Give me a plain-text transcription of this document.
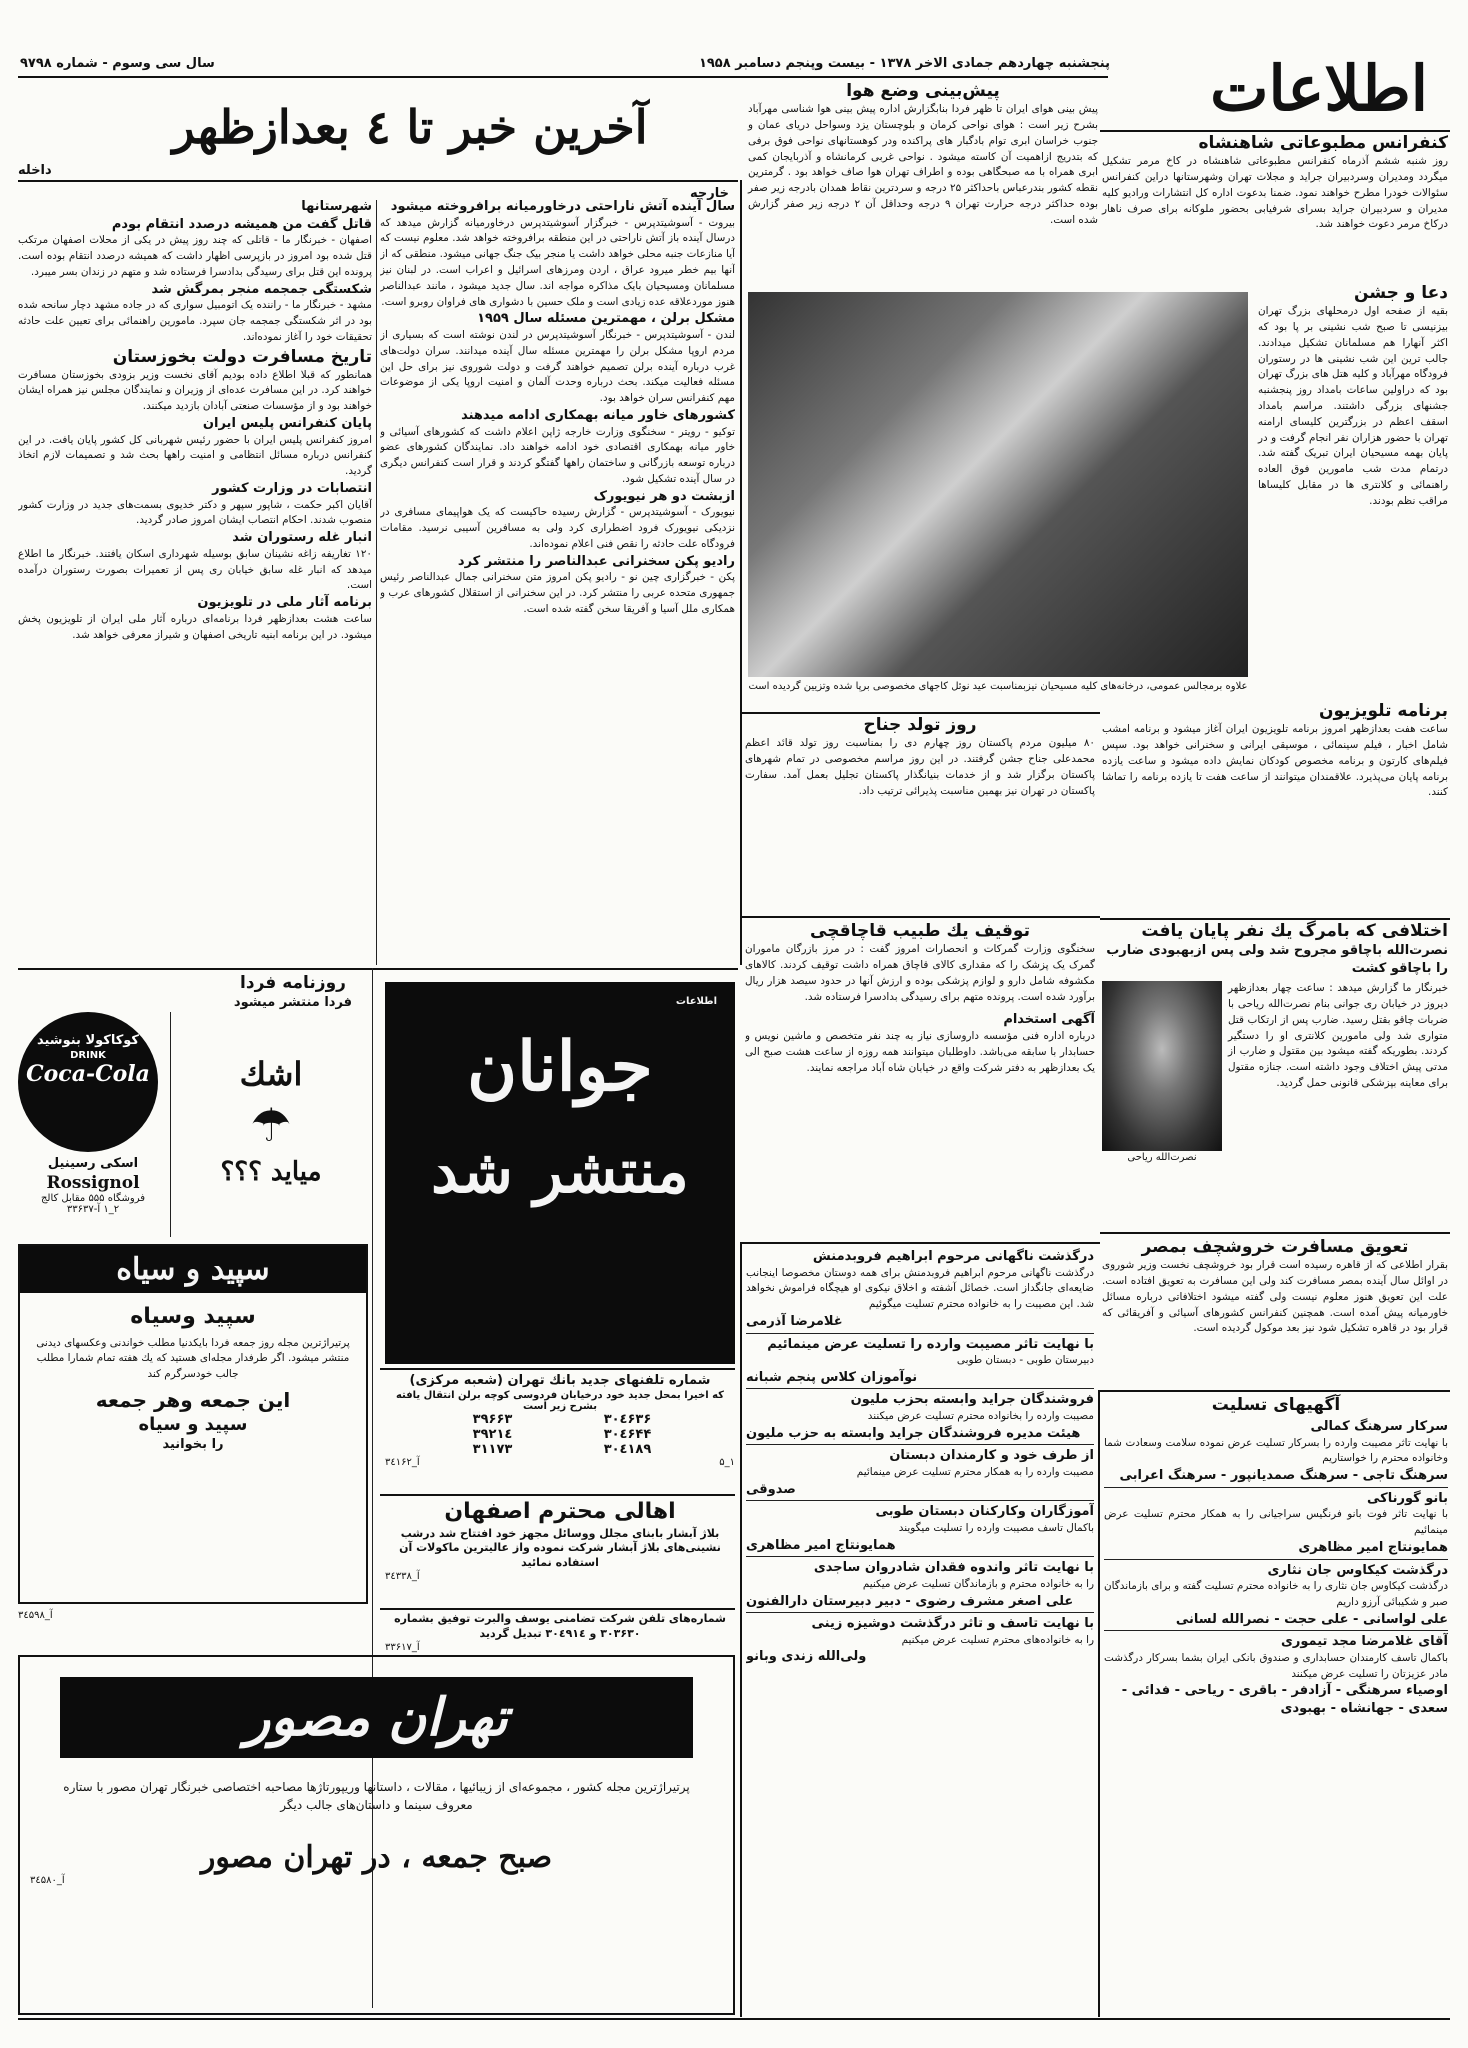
اطلاعات
پنجشنبه چهاردهم جمادی الاخر ۱۳۷۸ - بیست وپنجم دسامبر ۱۹۵۸
سال سی وسوم - شماره ۹۷۹۸
پیش‌بینی وضع هوا
پیش بینی هوای ایران تا ظهر فردا بنابگزارش اداره پیش بینی هوا شناسی مهرآباد بشرح زیر است : هوای نواحی کرمان و بلوچستان یزد وسواحل دریای عمان و جنوب خراسان ابری توام بادگبار های پراکنده ودر کوهستانهای نواحی فوق برفی که بتدریج ازاهمیت آن کاسته میشود . نواحی غربی کرمانشاه و آذربایجان کمی ابری همراه با مه صبحگاهی بوده و اطراف تهران هوا صاف خواهد بود . گرمترین نقطه کشور بندرعباس باحداکثر ۲۵ درجه و سردترین نقاط همدان بادرجه زیر صفر بوده حداکثر درجه حرارت تهران ۹ درجه وحداقل آن ۲ درجه زیر صفر گزارش شده است.
آخرین خبر تا ٤ بعدازظهر
داخله
خارجه
کنفرانس مطبوعاتی شاهنشاه
روز شنبه ششم آذرماه کنفرانس مطبوعاتی شاهنشاه در کاخ مرمر تشکیل میگردد ومدیران وسردبیران جراید و مجلات تهران وشهرستانها دراین کنفرانس سئوالات خودرا مطرح خواهند نمود. ضمنا بدعوت اداره کل انتشارات ورادیو کلیه مدیران و سردبیران جراید بسرای شرفیابی بحضور ملوکانه برای صرف ناهار درکاخ مرمر دعوت خواهند شد.
دعا و جشن
بقیه از صفحه اول درمحلهای بزرگ تهران بیزنیسی تا صبح شب نشینی بر پا بود که اکثر آنهارا هم مسلمانان تشکیل میدادند. جالب ترین این شب نشینی ها در رستوران فرودگاه مهرآباد و کلیه هتل های بزرگ تهران بود که دراولین ساعات بامداد روز پنجشنبه جشنهای بزرگی داشتند. مراسم بامداد اسقف اعظم در بزرگترین کلیسای ارامنه تهران با حضور هزاران نفر انجام گرفت و در پایان بهمه مسیحیان ایران تبریک گفته شد. درتمام مدت شب مامورین فوق العاده راهنمائی و کلانتری ها در مقابل کلیساها مراقب نظم بودند.
علاوه برمجالس عمومی، درخانه‌های کلیه مسیحیان نیزبمناسبت عید نوئل کاجهای مخصوصی برپا شده وتزیین گردیده است
برنامه تلویزیون
ساعت هفت بعدازظهر امروز برنامه تلویزیون ایران آغاز میشود و برنامه امشب شامل اخبار ، فیلم سینمائی ، موسیقی ایرانی و سخنرانی خواهد بود. سپس فیلم‌های کارتون و برنامه مخصوص کودکان نمایش داده میشود و ساعت یازده برنامه پایان می‌پذیرد. علاقمندان میتوانند از ساعت هفت تا یازده برنامه را تماشا کنند.
سال آینده آتش ناراحتی درخاورمیانه برافروخته میشود
بیروت - آسوشیتدپرس - خبرگزار آسوشیتدپرس درخاورمیانه گزارش میدهد که درسال آینده باز آتش ناراحتی در این منطقه برافروخته خواهد شد. معلوم نیست که آیا منازعات جنبه محلی خواهد داشت یا منجر بیک جنگ جهانی میشود. منطقی که از آنها بیم خطر میرود عراق ، اردن ومرزهای اسرائیل و اعراب است. در لبنان نیز مسلمانان ومسیحیان بایک مذاکره مواجه اند. سال جدید میشود ، مانند عبدالناصر هنوز موردعلاقه عده زیادی است و ملک حسین با دشواری های فراوان روبرو است.
مشکل برلن ، مهمترین مسئله سال ۱۹۵۹
لندن - آسوشیتدپرس - خبرنگار آسوشیتدپرس در لندن نوشته است که بسیاری از مردم اروپا مشکل برلن را مهمترین مسئله سال آینده میدانند. سران دولت‌های غرب درباره آینده برلن تصمیم خواهند گرفت و دولت شوروی نیز برای حل این مسئله فعالیت میکند. بحث درباره وحدت آلمان و امنیت اروپا یکی از موضوعات مهم کنفرانس سران خواهد بود.
کشورهای خاور میانه بهمکاری ادامه میدهند
توکیو - رویتر - سخنگوی وزارت خارجه ژاپن اعلام داشت که کشورهای آسیائی و خاور میانه بهمکاری اقتصادی خود ادامه خواهند داد. نمایندگان کشورهای عضو درباره توسعه بازرگانی و ساختمان راهها گفتگو کردند و قرار است کنفرانس دیگری در سال آینده تشکیل شود.
ازبشت دو هر نیویورک
نیویورک - آسوشیتدپرس - گزارش رسیده حاکیست که یک هواپیمای مسافری در نزدیکی نیویورک فرود اضطراری کرد ولی به مسافرین آسیبی نرسید. مقامات فرودگاه علت حادثه را نقص فنی اعلام نموده‌اند.
رادیو پکن سخنرانی عبدالناصر را منتشر کرد
پکن - خبرگزاری چین نو - رادیو پکن امروز متن سخنرانی جمال عبدالناصر رئیس جمهوری متحده عربی را منتشر کرد. در این سخنرانی از استقلال کشورهای عرب و همکاری ملل آسیا و آفریقا سخن گفته شده است.
شهرستانها
قاتل گفت من همیشه درصدد انتقام بودم
اصفهان - خبرنگار ما - قاتلی که چند روز پیش در یکی از محلات اصفهان مرتکب قتل شده بود امروز در بازپرسی اظهار داشت که همیشه درصدد انتقام بوده است. پرونده این قتل برای رسیدگی بدادسرا فرستاده شد و متهم در زندان بسر میبرد.
شکستگی جمجمه منجر بمرگش شد
مشهد - خبرنگار ما - راننده یک اتومبیل سواری که در جاده مشهد دچار سانحه شده بود در اثر شکستگی جمجمه جان سپرد. مامورین راهنمائی برای تعیین علت حادثه تحقیقات خود را آغاز نموده‌اند.
تاریخ مسافرت دولت بخوزستان
همانطور که قبلا اطلاع داده بودیم آقای نخست وزیر بزودی بخوزستان مسافرت خواهند کرد. در این مسافرت عده‌ای از وزیران و نمایندگان مجلس نیز همراه ایشان خواهند بود و از مؤسسات صنعتی آبادان بازدید میکنند.
پایان کنفرانس پلیس ایران
امروز کنفرانس پلیس ایران با حضور رئیس شهربانی کل کشور پایان یافت. در این کنفرانس درباره مسائل انتظامی و امنیت راهها بحث شد و تصمیمات لازم اتخاذ گردید.
انتصابات در وزارت کشور
آقایان اکبر حکمت ، شاپور سپهر و دکتر خدیوی بسمت‌های جدید در وزارت کشور منصوب شدند. احکام انتصاب ایشان امروز صادر گردید.
انبار غله رستوران شد
۱۲۰ تغاریفه زاغه نشینان سابق بوسیله شهرداری اسکان یافتند. خبرنگار ما اطلاع میدهد که انبار غله سابق خیابان ری پس از تعمیرات بصورت رستوران درآمده است.
برنامه آثار ملی در تلویزیون
ساعت هشت بعدازظهر فردا برنامه‌ای درباره آثار ملی ایران از تلویزیون پخش میشود. در این برنامه ابنیه تاریخی اصفهان و شیراز معرفی خواهد شد.
روز تولد جناح
۸۰ میلیون مردم پاکستان روز چهارم دی را بمناسبت روز تولد قائد اعظم محمدعلی جناح جشن گرفتند. در این روز مراسم مخصوصی در تمام شهرهای پاکستان برگزار شد و از خدمات بنیانگذار پاکستان تجلیل بعمل آمد. سفارت پاکستان در تهران نیز بهمین مناسبت پذیرائی ترتیب داد.
توقیف يك طبيب قاچاقچی
سخنگوی وزارت گمرکات و انحصارات امروز گفت : در مرز بازرگان ماموران گمرک یک پزشک را که مقداری کالای قاچاق همراه داشت توقیف کردند. کالاهای مکشوفه شامل دارو و لوازم پزشکی بوده و ارزش آنها در حدود سیصد هزار ریال برآورد شده است. پرونده متهم برای رسیدگی بدادسرا فرستاده شد.
آگهی استخدام
درباره اداره فنی مؤسسه داروسازی نیاز به چند نفر متخصص و ماشین نویس و حسابدار با سابقه می‌باشد. داوطلبان میتوانند همه روزه از ساعت هشت صبح الی یک بعدازظهر به دفتر شرکت واقع در خیابان شاه آباد مراجعه نمایند.
اختلافی که بامرگ يك نفر پایان یافت
نصرت‌الله باچاقو مجروح شد ولی پس ازبهبودی ضارب را باچاقو کشت
خبرنگار ما گزارش میدهد : ساعت چهار بعدازظهر دیروز در خیابان ری جوانی بنام نصرت‌الله ریاحی با ضربات چاقو بقتل رسید. ضارب پس از ارتکاب قتل متواری شد ولی مامورین کلانتری او را دستگیر کردند. بطوریکه گفته میشود بین مقتول و ضارب از مدتی پیش اختلاف وجود داشته است. جنازه مقتول برای معاینه بپزشکی قانونی حمل گردید.
نصرت‌الله ریاحی
تعویق مسافرت خروشچف بمصر
بقرار اطلاعی که از قاهره رسیده است قرار بود خروشچف نخست وزیر شوروی در اوائل سال آینده بمصر مسافرت کند ولی این مسافرت به تعویق افتاده است. علت این تعویق هنوز معلوم نیست ولی گفته میشود اختلافاتی درباره مسائل خاورمیانه پیش آمده است. همچنین کنفرانس کشورهای آسیائی و آفریقائی که قرار بود در قاهره تشکیل شود نیز بعد موکول گردیده است.
روزنامه فردا
فردا منتشر میشود
کوکاکولا بنوشید
DRINK
Coca-Cola
اسکی رسینیل
Rossignol
فروشگاه ۵۵۵ مقابل کالج
۲_۱ آ-۳۳۶۳۷
اشك
☂
میاید ؟؟؟
اطلاعات
جوانان
منتشر شد
سپید و سیاه
سپید وسیاه
پرتیراژترین مجله روز جمعه فردا بایکدنیا مطلب خواندنی وعکسهای دیدنی منتشر میشود. اگر طرفدار مجله‌ای هستید که یك هفته تمام شمارا مطلب جالب خودسرگرم کند
این جمعه وهر جمعه
سپید و سیاه
را بخوانید
آ_۳٤۵۹۸
شماره تلفنهای جدید بانك تهران (شعبه مرکزی)
که اخیرا بمحل جدید خود درخیابان فردوسی کوچه برلن انتقال یافته بشرح زیر است
۳۰٤۶۳۶
۳۹۶۶۳
۳۰٤۶۴۴
۳۹۲۱٤
۳۰٤۱۸۹
۳۱۱۷۳
۱_۵
آ_۳٤۱۶۲
اهالی محترم اصفهان
بلاژ آبشار بابنای مجلل ووسائل مجهز خود افتتاح شد درشب نشینی‌های بلاژ آبشار شرکت نموده واز عالیترین ماکولات آن استفاده نمائید
آ_۳٤۳۳۸
شماره‌های تلفن شرکت تضامنی یوسف والبرت توفیق بشماره ۳۰۳۶۳۰ و ۳۰٤۹۱٤ تبدیل گردید
آ_۳۳۶۱۷
تهران مصور
پرتیراژترین مجله کشور ، مجموعه‌ای از زیبائیها ، مقالات ، داستانها وریپورتاژها مصاحبه اختصاصی خبرنگار تهران مصور با ستاره معروف سینما و داستان‌های جالب دیگر
صبح جمعه ، در تهران مصور
آ_۳٤۵۸۰
درگذشت ناگهانی مرحوم ابراهیم فروبدمنش
درگذشت ناگهانی مرحوم ابراهیم فروبدمنش برای همه دوستان مخصوصا اینجانب ضایعه‌ای جانگداز است. خصائل آشفته و اخلاق نیکوی او هیچگاه فراموش نخواهد شد. این مصیبت را به خانواده محترم تسلیت میگوئیم
غلامرضا آذرمی
با نهایت تاثر مصیبت وارده را تسلیت عرض مینمائیم
دبیرستان طوبی - دبستان طوبی
نوآموزان کلاس پنجم شبانه
فروشندگان جراید وابسته بحزب ملیون
مصیبت وارده را بخانواده محترم تسلیت عرض میکنند
هیئت مدیره فروشندگان جراید وابسته به حزب ملیون
از طرف خود و کارمندان دبستان
مصیبت وارده را به همکار محترم تسلیت عرض مینمائیم
صدوقی
آموزگاران وکارکنان دبستان طوبی
باکمال تاسف مصیبت وارده را تسلیت میگویند
همایونتاج امیر مظاهری
با نهایت تاثر واندوه فقدان شادروان ساجدی
را به خانواده محترم و بازماندگان تسلیت عرض میکنیم
علی اصغر مشرف رضوی - دبیر دبیرستان دارالفنون
با نهایت تاسف و تاثر درگذشت دوشیزه زینی
را به خانواده‌های محترم تسلیت عرض میکنیم
ولی‌الله زندی وبانو
آگهیهای تسلیت
سرکار سرهنگ کمالی
با نهایت تاثر مصیبت وارده را بسرکار تسلیت عرض نموده سلامت وسعادت شما وخانواده محترم را خواستاریم
سرهنگ تاجی - سرهنگ صمدیانپور - سرهنگ اعرابی
بانو گورناکی
با نهایت تاثر فوت بانو فرنگیس سراجیانی را به همکار محترم تسلیت عرض مینمائیم
همایونتاج امیر مظاهری
درگذشت کیکاوس جان نثاری
درگذشت کیکاوس جان نثاری را به خانواده محترم تسلیت گفته و برای بازماندگان صبر و شکیبائی آرزو داریم
علی لواسانی - علی حجت - نصرالله لسانی
آقای غلامرضا مجد تیموری
باکمال تاسف کارمندان حسابداری و صندوق بانکی ایران بشما بسرکار درگذشت مادر عزیزتان را تسلیت عرض میکنند
اوصیاء سرهنگی - آزادفر - باقری - ریاحی - فدائی - سعدی - جهانشاه - بهبودی
